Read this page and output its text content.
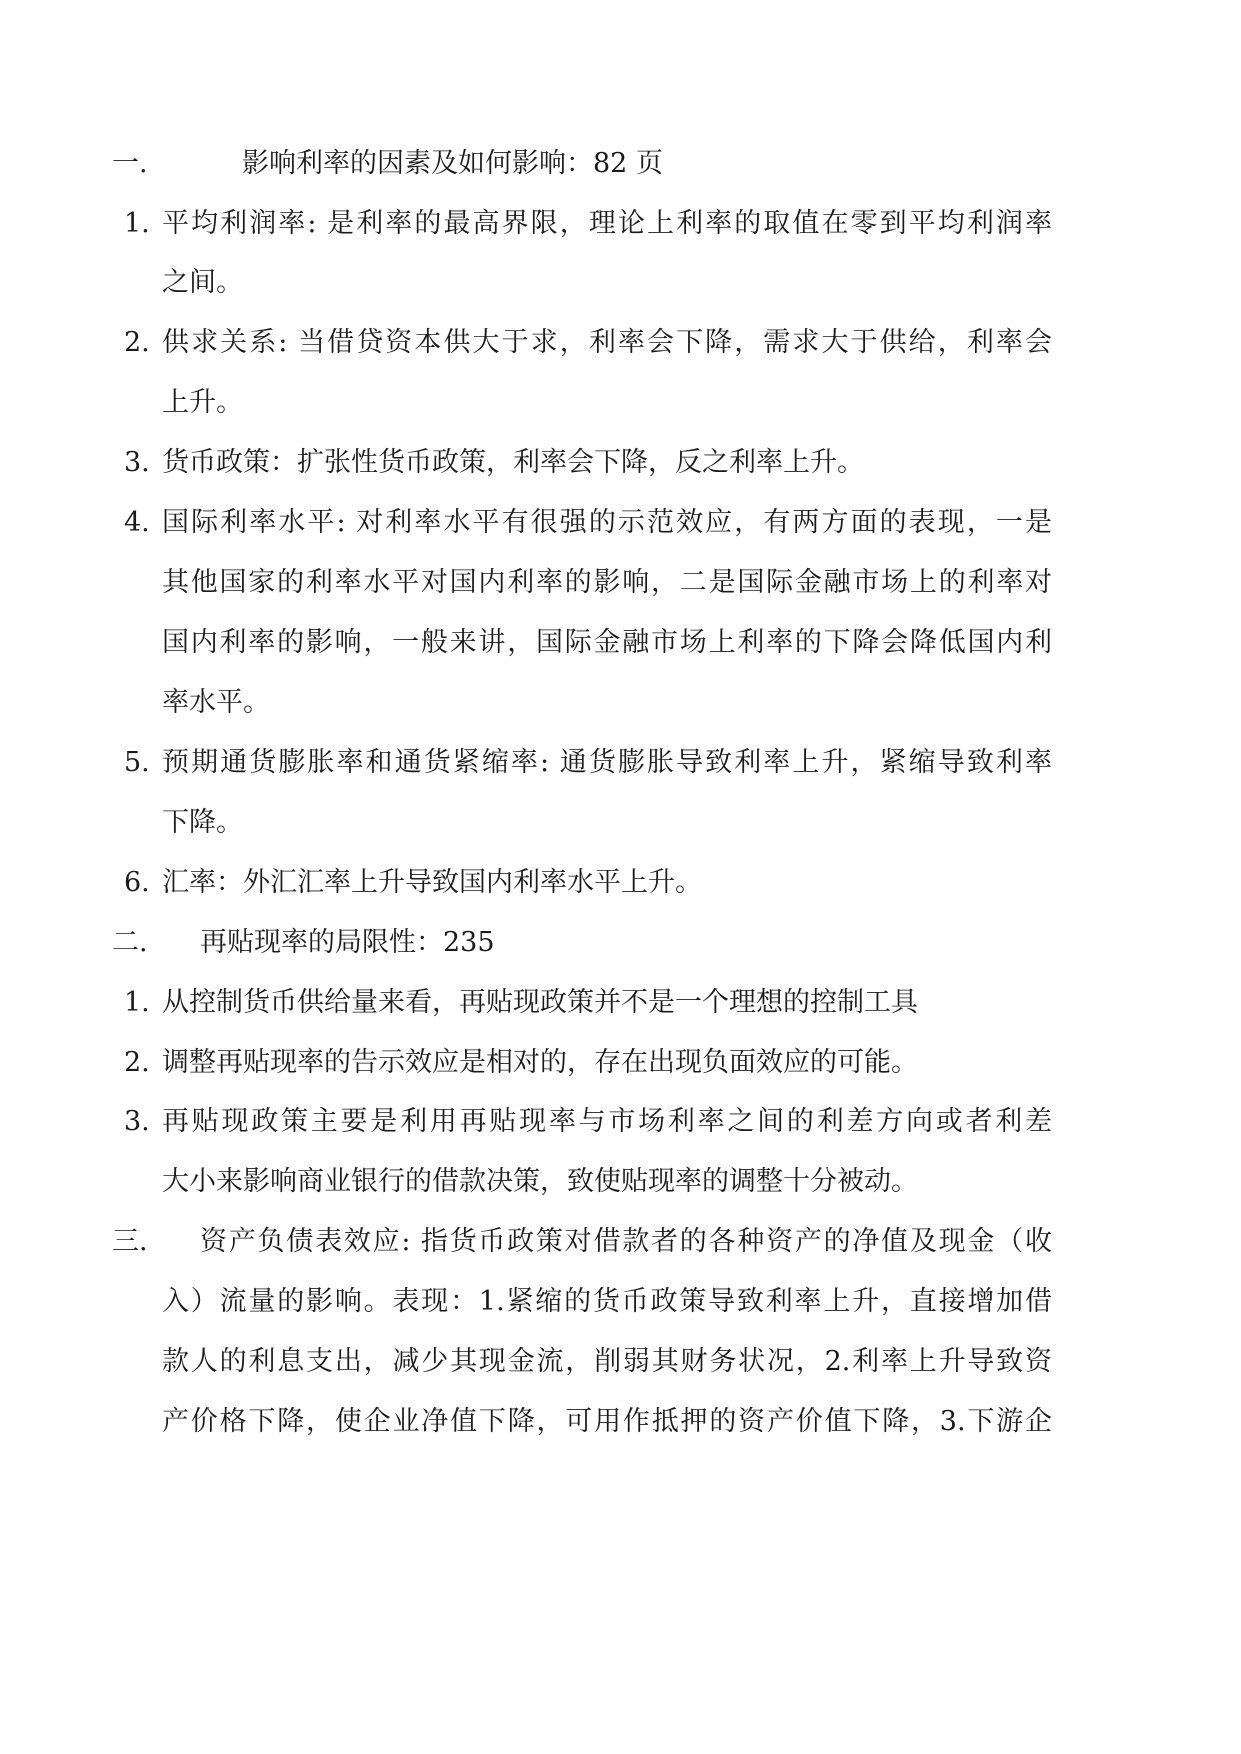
一.	影响利率的因素及如何影响：82 页
1. 平均利润率: 是利率的最高界限，理论上利率的取值在零到平均利润率
之间。
2. 供求关系: 当借贷资本供大于求，利率会下降，需求大于供给，利率会
上升。
3. 货币政策：扩张性货币政策，利率会下降，反之利率上升。
4. 国际利率水平: 对利率水平有很强的示范效应，有两方面的表现，一是
其他国家的利率水平对国内利率的影响，二是国际金融市场上的利率对
国内利率的影响，一般来讲，国际金融市场上利率的下降会降低国内利
率水平。
5. 预期通货膨胀率和通货紧缩率: 通货膨胀导致利率上升，紧缩导致利率
下降。
6. 汇率：外汇汇率上升导致国内利率水平上升。
二. 再贴现率的局限性：235
1. 从控制货币供给量来看，再贴现政策并不是一个理想的控制工具
2. 调整再贴现率的告示效应是相对的，存在出现负面效应的可能。
3. 再贴现政策主要是利用再贴现率与市场利率之间的利差方向或者利差
大小来影响商业银行的借款决策，致使贴现率的调整十分被动。
三. 资产负债表效应: 指货币政策对借款者的各种资产的净值及现金（收
入）流量的影响。表现：1.紧缩的货币政策导致利率上升，直接增加借
款人的利息支出，减少其现金流，削弱其财务状况，2.利率上升导致资
产价格下降，使企业净值下降，可用作抵押的资产价值下降，3.下游企
